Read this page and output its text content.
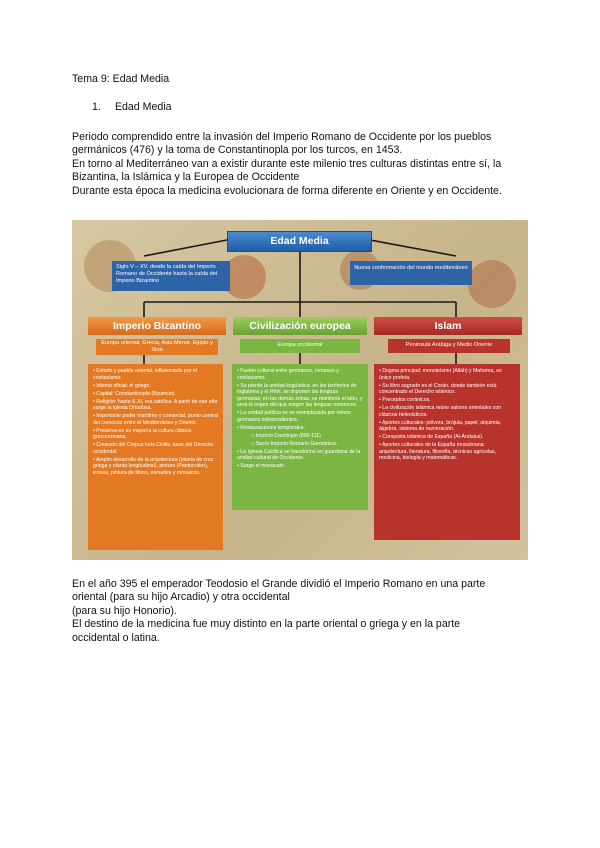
Tema 9: Edad Media
1. Edad Media
Periodo comprendido entre la invasión del Imperio Romano de Occidente por los pueblos
germánicos (476) y la toma de Constantinopla por los turcos, en 1453.
En torno al Mediterráneo van a existir durante este milenio tres culturas distintas entre sí, la
Bizantina, la Islámica y la Europea de Occidente
Durante esta época la medicina evolucionara de forma diferente en Oriente y en Occidente.
Edad Media
Siglo V – XV, desde la caída del Imperio Romano de Occidente hasta la caída del Imperio Bizantino
Nueva conformación del mundo mediterráneo
Imperio Bizantino	Civilización europea	Islam
Europa oriental, Grecia, Asia Menor, Egipto y Siria
Europa occidental	Península Arábiga y Medio Oriente
• Estado y pueblo oriental, influenciado por el cristianismo.
• Idioma oficial: el griego.
• Capital: Constantinopla (Bizancio).
• Religión: hasta S.XI, era católica. A partir de ese año surge la iglesia Ortodoxa.
• Importante poder marítimo y comercial, punto central del comercio entre el Mediterráneo y Oriente.
• Preserva en su mayoría la cultura clásica grecorromana.
• Creación del Corpus Iuris Civilis, base del Derecho occidental.
• Amplio desarrollo de la arquitectura (planta de cruz griega y planta longitudinal), pintura (Pantocrátor), iconos, pintura de libros, esmaltes y mosaicos.
• Fusión cultural entre germanos, romanos y cristianismo.
• Se pierde la unidad lingüística: en los territorios de Inglaterra y el Rhin, se imponen las lenguas germanas; en las demás zonas, se mantiene el latín, y será el origen del que surgen las lenguas romances.
• La unidad política se ve reemplazada por reinos germanos independientes.
• Restauraciones temporales:
○ Imperio Carolingio (800-111)
○ Sacro Imperio Romano Germánico.
• La Iglesia Católica se transforma en guardiana de la unidad cultural de Occidente.
• Surge el monacato.
• Dogma principal: monoteísmo (Alláh) y Mahoma, su único profeta.
• Su libro sagrado es el Corán, donde también está concentrado el Derecho islámico.
• Preceptos coránicos.
• La civilización islámica reúne valores orientales con clásicos helenísticos.
• Aportes culturales: pólvora, brújula, papel, alquimia, álgebra, sistema de numeración.
• Conquista islámica de España (Al-Ándalus).
• Aportes culturales de la España musulmana: arquitectura, literatura, filosofía, técnicas agrícolas, medicina, biología y matemáticas.
En el año 395 el emperador Teodosio el Grande dividió el Imperio Romano en una parte
oriental (para su hijo Arcadio) y otra occidental
(para su hijo Honorio).
El destino de la medicina fue muy distinto en la parte oriental o griega y en la parte
occidental o latina.
